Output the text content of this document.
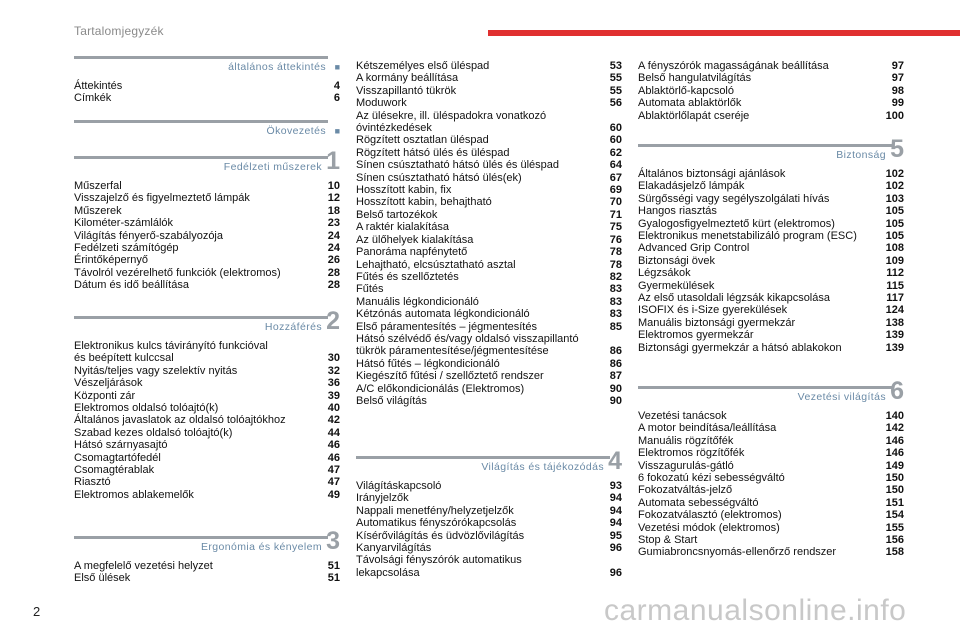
Tartalomjegyzék
■
általános áttekintés
Áttekintés	4
Címkék	6
■
Ökovezetés
1
Fedélzeti műszerek
Műszerfal	10
Visszajelző és figyelmeztető lámpák	12
Műszerek	18
Kilométer-számlálók	23
Világítás fényerő-szabályozója	24
Fedélzeti számítógép	24
Érintőképernyő	26
Távolról vezérelhető funkciók (elektromos)	28
Dátum és idő beállítása	28
2
Hozzáférés
Elektronikus kulcs távirányító funkcióval
és beépített kulccsal	30
Nyitás/teljes vagy szelektív nyitás	32
Vészeljárások	36
Központi zár	39
Elektromos oldalsó tolóajtó(k)	40
Általános javaslatok az oldalsó tolóajtókhoz	42
Szabad kezes oldalsó tolóajtó(k)	44
Hátsó szárnyasajtó	46
Csomagtartófedél	46
Csomagtérablak	47
Riasztó	47
Elektromos ablakemelők	49
3
Ergonómia és kényelem
A megfelelő vezetési helyzet	51
Első ülések	51
Kétszemélyes első üléspad	53
A kormány beállítása	55
Visszapillantó tükrök	55
Moduwork	56
Az ülésekre, ill. üléspadokra vonatkozó
óvintézkedések	60
Rögzített osztatlan üléspad	60
Rögzített hátsó ülés és üléspad	62
Sínen csúsztatható hátsó ülés és üléspad	64
Sínen csúsztatható hátsó ülés(ek)	67
Hosszított kabin, fix	69
Hosszított kabin, behajtható	70
Belső tartozékok	71
A raktér kialakítása	75
Az ülőhelyek kialakítása	76
Panoráma napfénytető	78
Lehajtható, elcsúsztatható asztal	78
Fűtés és szellőztetés	82
Fűtés	83
Manuális légkondicionáló	83
Kétzónás automata légkondicionáló	83
Első páramentesítés – jégmentesítés	85
Hátsó szélvédő és/vagy oldalsó visszapillantó
tükrök páramentesítése/jégmentesítése	86
Hátsó fűtés – légkondicionáló	86
Kiegészítő fűtési / szellőztető rendszer	87
A/C előkondicionálás (Elektromos)	90
Belső világítás	90
4
Világítás és tájékozódás
Világításkapcsoló	93
Irányjelzők	94
Nappali menetfény/helyzetjelzők	94
Automatikus fényszórókapcsolás	94
Kísérővilágítás és üdvözlővilágítás	95
Kanyarvilágítás	96
Távolsági fényszórók automatikus
lekapcsolása	96
A fényszórók magasságának beállítása	97
Belső hangulatvilágítás	97
Ablaktörlő-kapcsoló	98
Automata ablaktörlők	99
Ablaktörlőlapát cseréje	100
5
Biztonság
Általános biztonsági ajánlások	102
Elakadásjelző lámpák	102
Sürgősségi vagy segélyszolgálati hívás	103
Hangos riasztás	105
Gyalogosfigyelmeztető kürt (elektromos)	105
Elektronikus menetstabilizáló program (ESC)	105
Advanced Grip Control	108
Biztonsági övek	109
Légzsákok	112
Gyermekülések	115
Az első utasoldali légzsák kikapcsolása	117
ISOFIX és i-Size gyerekülések	124
Manuális biztonsági gyermekzár	138
Elektromos gyermekzár	139
Biztonsági gyermekzár a hátsó ablakokon	139
6
Vezetési világítás
Vezetési tanácsok	140
A motor beindítása/leállítása	142
Manuális rögzítőfék	146
Elektromos rögzítőfék	146
Visszagurulás-gátló	149
6 fokozatú kézi sebességváltó	150
Fokozatváltás-jelző	150
Automata sebességváltó	151
Fokozatválasztó (elektromos)	154
Vezetési módok (elektromos)	155
Stop & Start	156
Gumiabroncsnyomás-ellenőrző rendszer	158
2	carmanualsonline.info
